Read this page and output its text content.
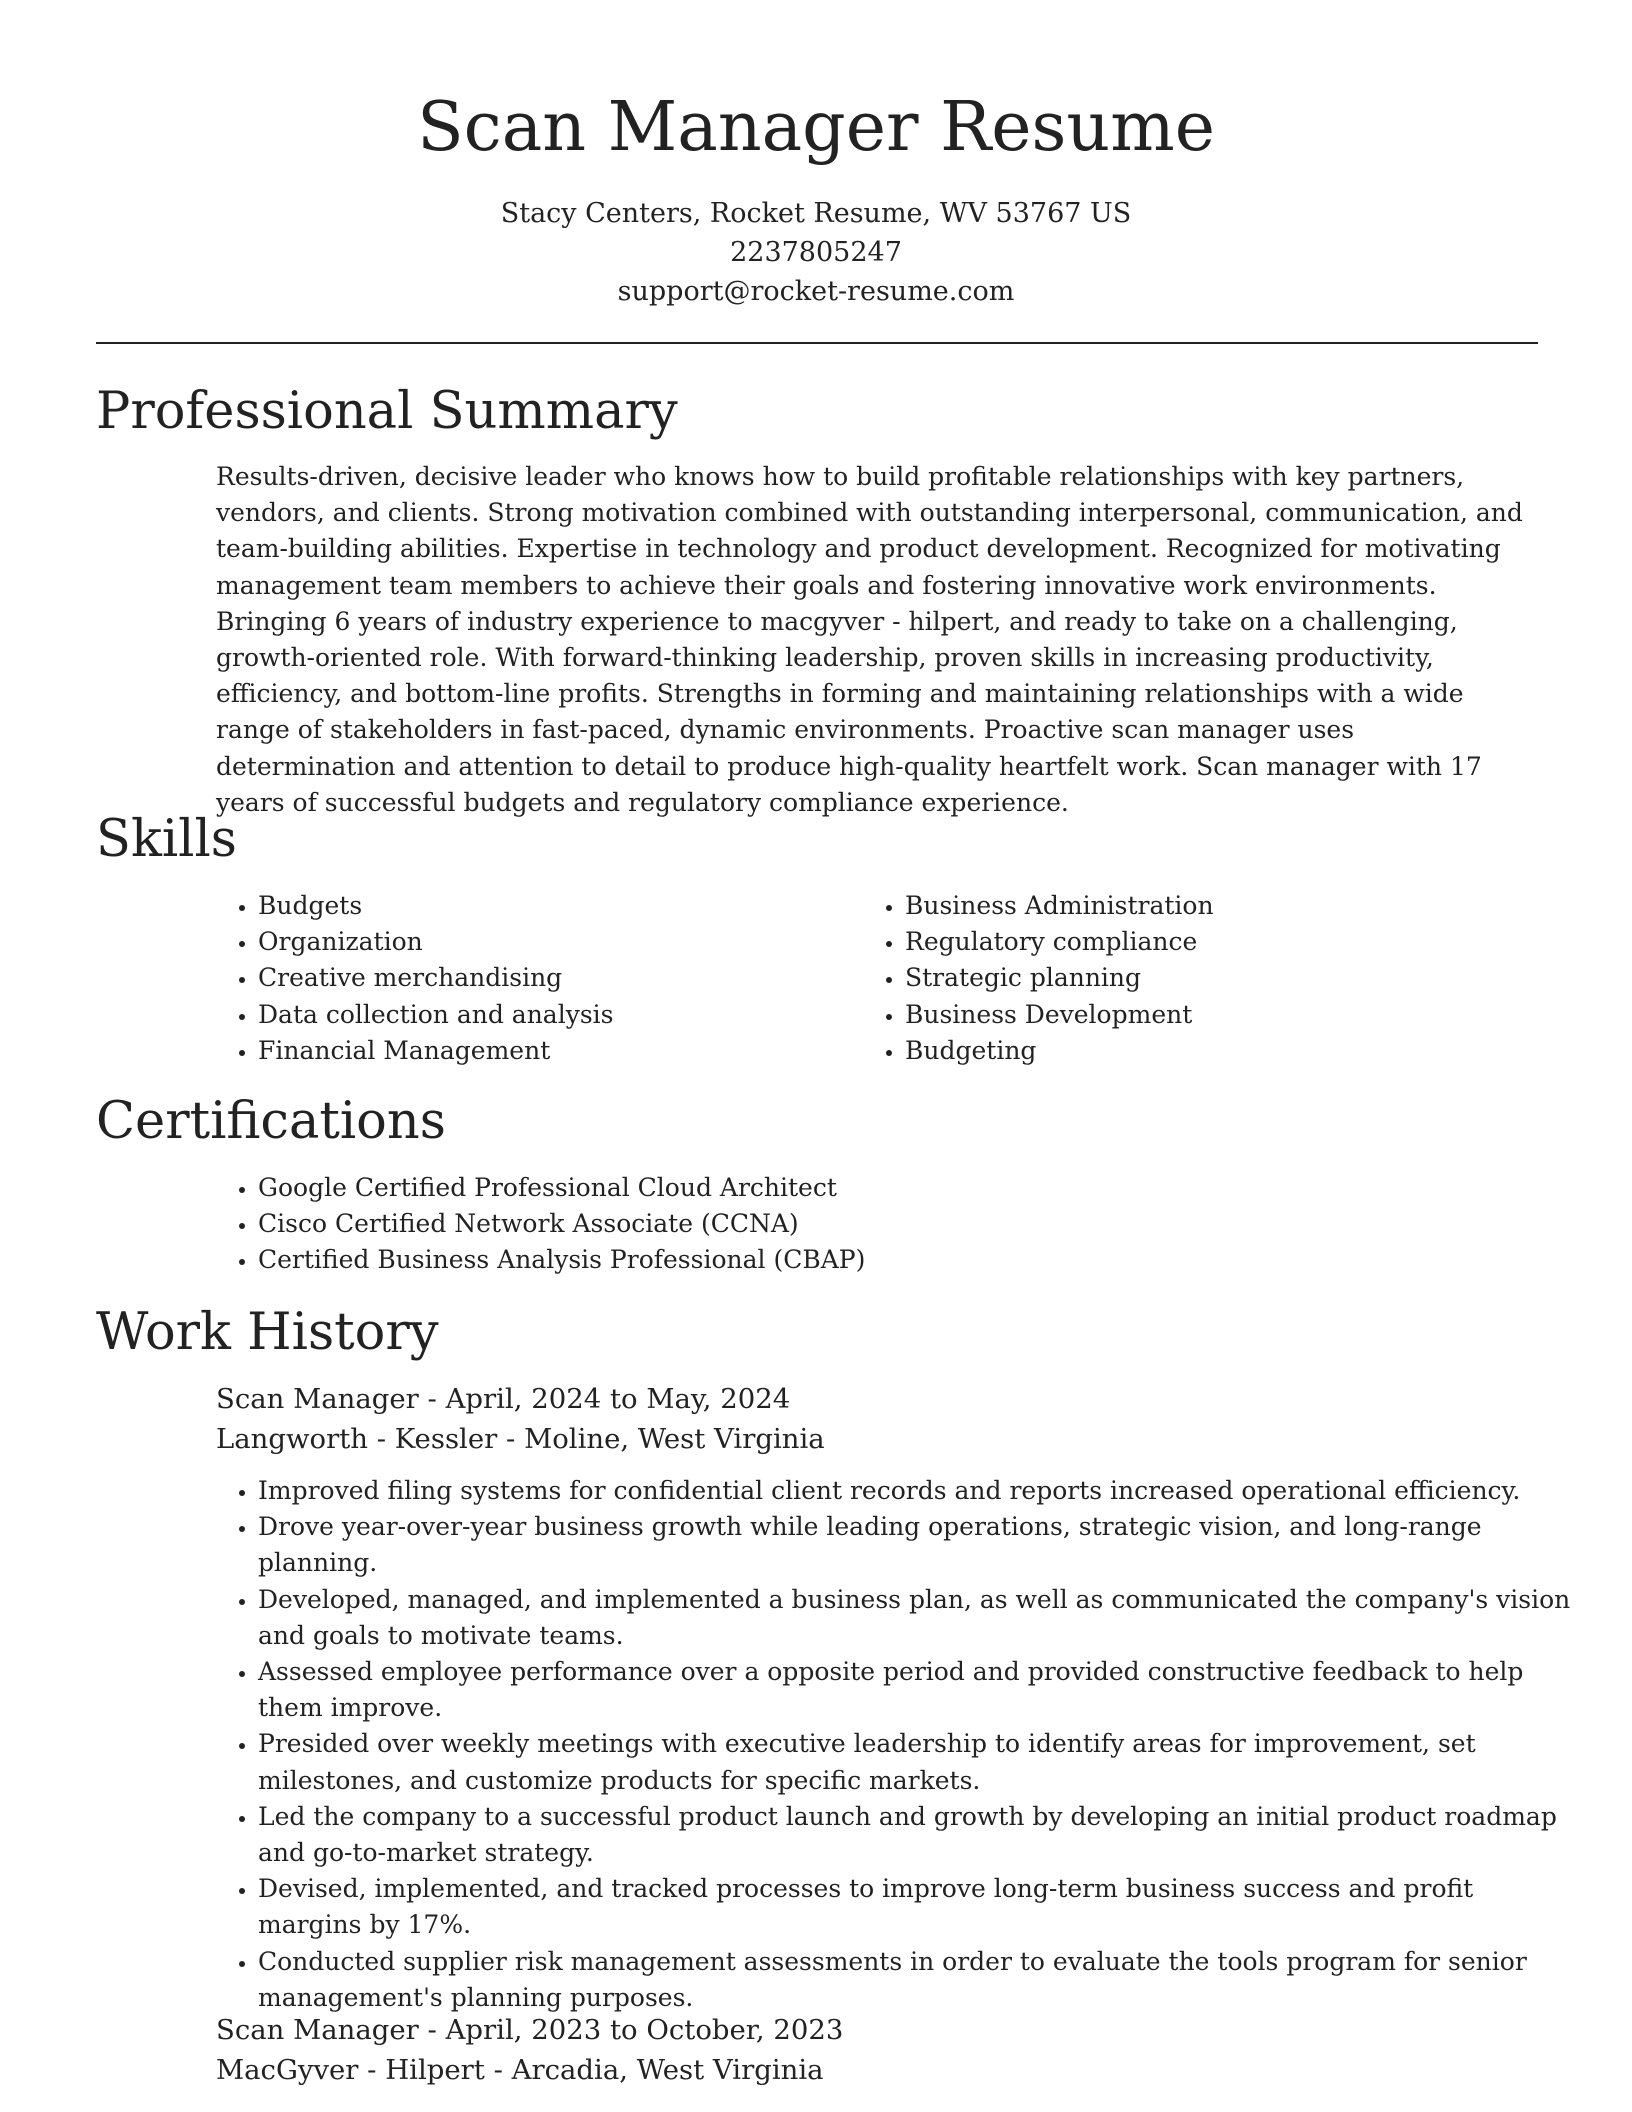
Scan Manager Resume
Stacy Centers, Rocket Resume, WV 53767 US
2237805247
support@rocket-resume.com
Professional Summary

Results-driven, decisive leader who knows how to build profitable relationships with key partners, vendors, and clients. Strong motivation combined with outstanding interpersonal, communication, and team-building abilities. Expertise in technology and product development. Recognized for motivating management team members to achieve their goals and fostering innovative work environments. Bringing 6 years of industry experience to macgyver - hilpert, and ready to take on a challenging, growth-oriented role. With forward-thinking leadership, proven skills in increasing productivity, efficiency, and bottom-line profits. Strengths in forming and maintaining relationships with a wide range of stakeholders in fast-paced, dynamic environments. Proactive scan manager uses determination and attention to detail to produce high-quality heartfelt work. Scan manager with 17 years of successful budgets and regulatory compliance experience.

Skills
• Budgets
• Organization
• Creative merchandising
• Data collection and analysis
• Financial Management
• Business Administration
• Regulatory compliance
• Strategic planning
• Business Development
• Budgeting
Certifications
• Google Certified Professional Cloud Architect
• Cisco Certified Network Associate (CCNA)
• Certified Business Analysis Professional (CBAP)
Work History
Scan Manager - April, 2024 to May, 2024
Langworth - Kessler - Moline, West Virginia
• Improved filing systems for confidential client records and reports increased operational efficiency.
• Drove year-over-year business growth while leading operations, strategic vision, and long-range planning.
• Developed, managed, and implemented a business plan, as well as communicated the company's vision and goals to motivate teams.
• Assessed employee performance over a opposite period and provided constructive feedback to help them improve.
• Presided over weekly meetings with executive leadership to identify areas for improvement, set milestones, and customize products for specific markets.
• Led the company to a successful product launch and growth by developing an initial product roadmap and go-to-market strategy.
• Devised, implemented, and tracked processes to improve long-term business success and profit margins by 17%.
• Conducted supplier risk management assessments in order to evaluate the tools program for senior management's planning purposes.
Scan Manager - April, 2023 to October, 2023
MacGyver - Hilpert - Arcadia, West Virginia
